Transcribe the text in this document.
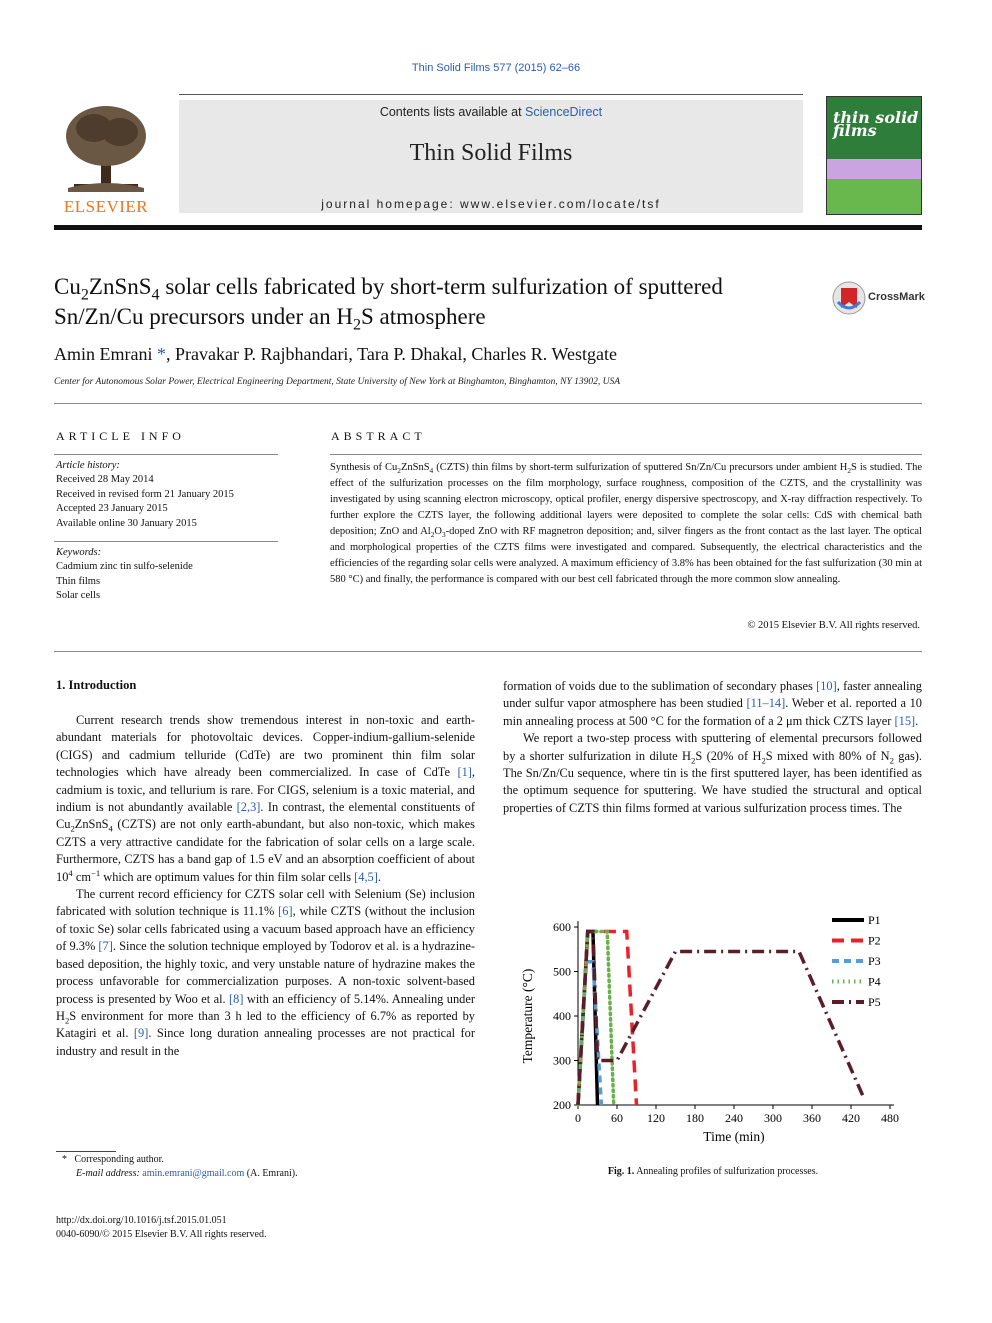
Thin Solid Films 577 (2015) 62–66
ELSEVIER
Contents lists available at ScienceDirect
Thin Solid Films
journal homepage: www.elsevier.com/locate/tsf
thin solid films
$Cu_2ZnSnS_4$ solar cells fabricated by short-term sulfurization of sputtered
Sn/Zn/Cu precursors under an $H_2S$ atmosphere
CrossMark
Amin Emrani *, Pravakar P. Rajbhandari, Tara P. Dhakal, Charles R. Westgate
Center for Autonomous Solar Power, Electrical Engineering Department, State University of New York at Binghamton, Binghamton, NY 13902, USA
ARTICLE INFO
Article history:
Received 28 May 2014
Received in revised form 21 January 2015
Accepted 23 January 2015
Available online 30 January 2015
Keywords:
Cadmium zinc tin sulfo-selenide
Thin films
Solar cells
ABSTRACT
Synthesis of $Cu_2ZnSnS_4$ (CZTS) thin films by short-term sulfurization of sputtered Sn/Zn/Cu precursors under ambient $H_2S$ is studied. The effect of the sulfurization processes on the film morphology, surface roughness, composition of the CZTS, and the crystallinity was investigated by using scanning electron microscopy, optical profiler, energy dispersive spectroscopy, and X-ray diffraction respectively. To further explore the CZTS layer, the following additional layers were deposited to complete the solar cells: CdS with chemical bath deposition; ZnO and $Al_2O_3$-doped ZnO with RF magnetron deposition; and, silver fingers as the front contact as the last layer. The optical and morphological properties of the CZTS films were investigated and compared. Subsequently, the electrical characteristics and the efficiencies of the regarding solar cells were analyzed. A maximum efficiency of 3.8% has been obtained for the fast sulfurization (30 min at 580 °C) and finally, the performance is compared with our best cell fabricated through the more common slow annealing.
© 2015 Elsevier B.V. All rights reserved.
1. Introduction

Current research trends show tremendous interest in non-toxic and earth-abundant materials for photovoltaic devices. Copper-indium-gallium-selenide (CIGS) and cadmium telluride (CdTe) are two prominent thin film solar technologies which have already been commercialized. In case of CdTe [1], cadmium is toxic, and tellurium is rare. For CIGS, selenium is a toxic material, and indium is not abundantly available [2,3]. In contrast, the elemental constituents of $Cu_2ZnSnS_4$ (CZTS) are not only earth-abundant, but also non-toxic, which makes CZTS a very attractive candidate for the fabrication of solar cells on a large scale. Furthermore, CZTS has a band gap of 1.5 eV and an absorption coefficient of about $10^4$ $cm^{-1}$ which are optimum values for thin film solar cells [4,5].

The current record efficiency for CZTS solar cell with Selenium (Se) inclusion fabricated with solution technique is 11.1% [6], while CZTS (without the inclusion of toxic Se) solar cells fabricated using a vacuum based approach have an efficiency of 9.3% [7]. Since the solution technique employed by Todorov et al. is a hydrazine-based deposition, the highly toxic, and very unstable nature of hydrazine makes the process unfavorable for commercialization purposes. A non-toxic solvent-based process is presented by Woo et al. [8] with an efficiency of 5.14%. Annealing under $H_2S$ environment for more than 3 h led to the efficiency of 6.7% as reported by Katagiri et al. [9]. Since long duration annealing processes are not practical for industry and result in the

formation of voids due to the sublimation of secondary phases [10], faster annealing under sulfur vapor atmosphere has been studied [11–14]. Weber et al. reported a 10 min annealing process at 500 °C for the formation of a 2 μm thick CZTS layer [15].

We report a two-step process with sputtering of elemental precursors followed by a shorter sulfurization in dilute $H_2S$ (20% of $H_2S$ mixed with 80% of $N_2$ gas). The Sn/Zn/Cu sequence, where tin is the first sputtered layer, has been identified as the optimum sequence for sputtering. We have studied the structural and optical properties of CZTS thin films formed at various sulfurization process times. The

200
300
400
500
600
0	60 120 180 240 300 360 420 480
Time (min)
Temperature (°C)
P1
P2
P3
P4
P5
Fig. 1. Annealing profiles of sulfurization processes.
* Corresponding author.
E-mail address: amin.emrani@gmail.com (A. Emrani).
http://dx.doi.org/10.1016/j.tsf.2015.01.051
0040-6090/© 2015 Elsevier B.V. All rights reserved.
